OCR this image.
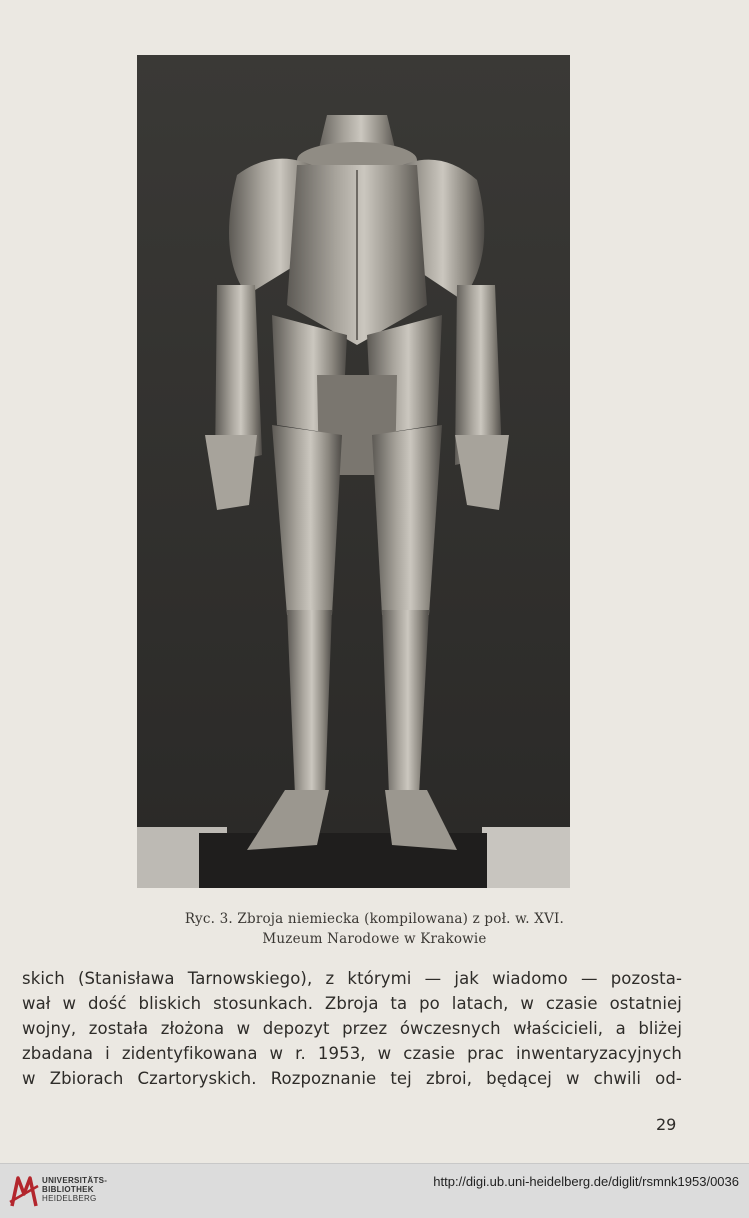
Ryc. 3. Zbroja niemiecka (kompilowana) z poł. w. XVI.
Muzeum Narodowe w Krakowie
skich (Stanisława Tarnowskiego), z którymi — jak wiadomo — pozosta-
wał w dość bliskich stosunkach. Zbroja ta po latach, w czasie ostatniej
wojny, została złożona w depozyt przez ówczesnych właścicieli, a bliżej
zbadana i zidentyfikowana w r. 1953, w czasie prac inwentaryzacyjnych
w Zbiorach Czartoryskich. Rozpoznanie tej zbroi, będącej w chwili od-
29
UNIVERSITÄTS-
BIBLIOTHEK
HEIDELBERG
http://digi.ub.uni-heidelberg.de/diglit/rsmnk1953/0036
